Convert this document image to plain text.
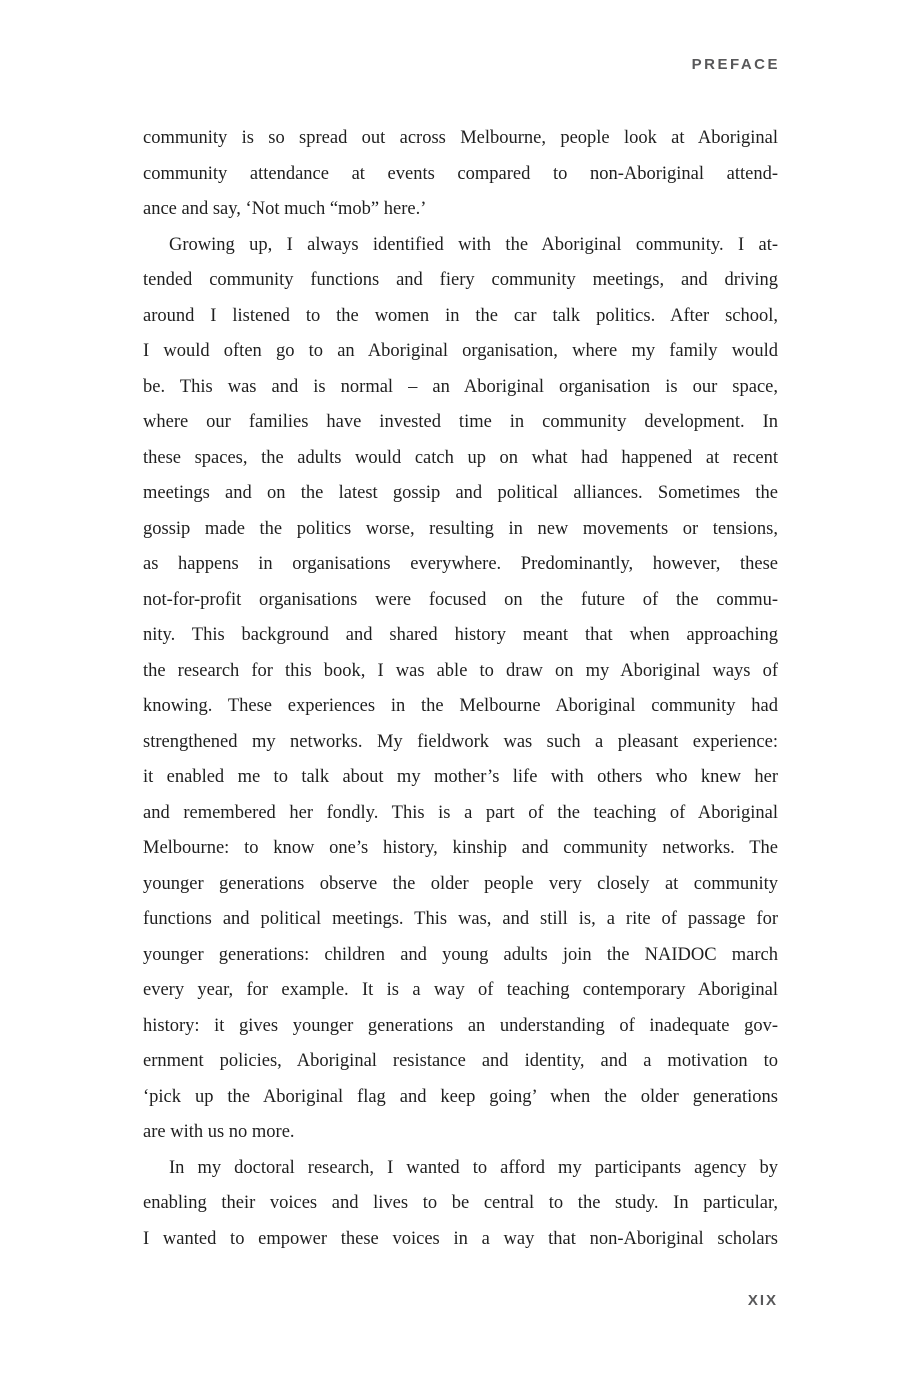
PREFACE

community is so spread out across Melbourne, people look at Aboriginal
community attendance at events compared to non-Aboriginal attend-
ance and say, ‘Not much “mob” here.’

Growing up, I always identified with the Aboriginal community. I at-
tended community functions and fiery community meetings, and driving
around I listened to the women in the car talk politics. After school,
I would often go to an Aboriginal organisation, where my family would
be. This was and is normal – an Aboriginal organisation is our space,
where our families have invested time in community development. In
these spaces, the adults would catch up on what had happened at recent
meetings and on the latest gossip and political alliances. Sometimes the
gossip made the politics worse, resulting in new movements or tensions,
as happens in organisations everywhere. Predominantly, however, these
not-for-profit organisations were focused on the future of the commu-
nity. This background and shared history meant that when approaching
the research for this book, I was able to draw on my Aboriginal ways of
knowing. These experiences in the Melbourne Aboriginal community had
strengthened my networks. My fieldwork was such a pleasant experience:
it enabled me to talk about my mother’s life with others who knew her
and remembered her fondly. This is a part of the teaching of Aboriginal
Melbourne: to know one’s history, kinship and community networks. The
younger generations observe the older people very closely at community
functions and political meetings. This was, and still is, a rite of passage for
younger generations: children and young adults join the NAIDOC march
every year, for example. It is a way of teaching contemporary Aboriginal
history: it gives younger generations an understanding of inadequate gov-
ernment policies, Aboriginal resistance and identity, and a motivation to
‘pick up the Aboriginal flag and keep going’ when the older generations
are with us no more.

In my doctoral research, I wanted to afford my participants agency by
enabling their voices and lives to be central to the study. In particular,
I wanted to empower these voices in a way that non-Aboriginal scholars

XIX
